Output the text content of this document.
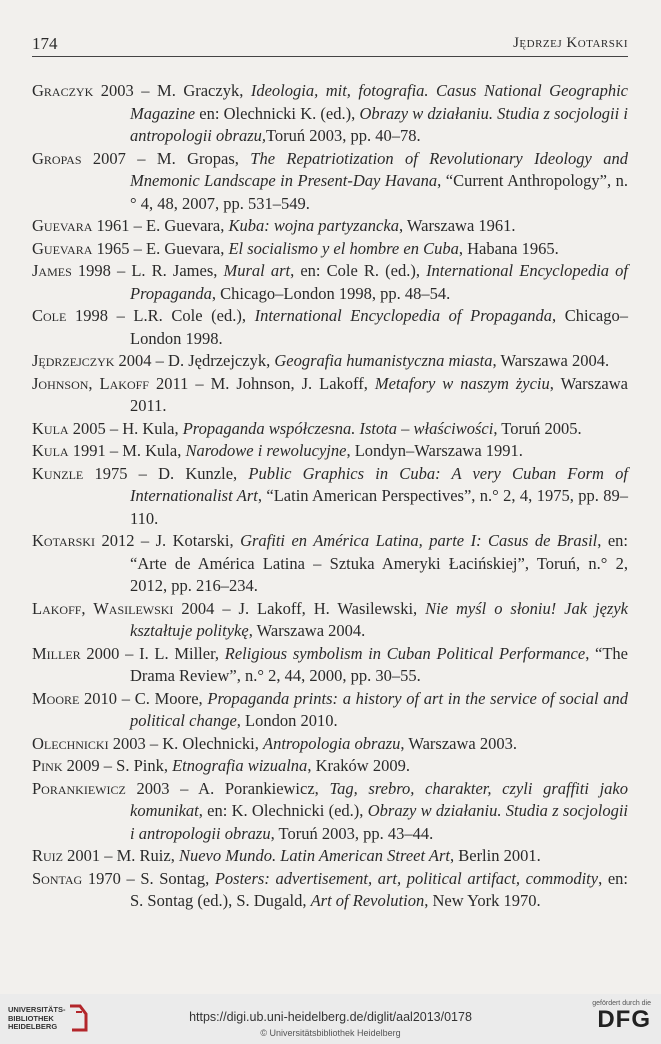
174	Jędrzej Kotarski

Graczyk 2003 – M. Graczyk, Ideologia, mit, fotografia. Casus National Geographic Magazine en: Olechnicki K. (ed.), Obrazy w działaniu. Studia z socjologii i antropologii obrazu,Toruń 2003, pp. 40–78.

Gropas 2007 – M. Gropas, The Repatriotization of Revolutionary Ideology and Mnemonic Landscape in Present-Day Havana, “Current Anthropology”, n.° 4, 48, 2007, pp. 531–549.

Guevara 1961 – E. Guevara, Kuba: wojna partyzancka, Warszawa 1961.

Guevara 1965 – E. Guevara, El socialismo y el hombre en Cuba, Habana 1965.

James 1998 – L. R. James, Mural art, en: Cole R. (ed.), International Encyclopedia of Propaganda, Chicago–London 1998, pp. 48–54.

Cole 1998 – L.R. Cole (ed.), International Encyclopedia of Propaganda, Chicago–London 1998.

Jędrzejczyk 2004 – D. Jędrzejczyk, Geografia humanistyczna miasta, Warszawa 2004.

Johnson, Lakoff 2011 – M. Johnson, J. Lakoff, Metafory w naszym życiu, Warszawa 2011.

Kula 2005 – H. Kula, Propaganda współczesna. Istota – właściwości, Toruń 2005.

Kula 1991 – M. Kula, Narodowe i rewolucyjne, Londyn–Warszawa 1991.

Kunzle 1975 – D. Kunzle, Public Graphics in Cuba: A very Cuban Form of Internationalist Art, “Latin American Perspectives”, n.° 2, 4, 1975, pp. 89–110.

Kotarski 2012 – J. Kotarski, Grafiti en América Latina, parte I: Casus de Brasil, en: “Arte de América Latina – Sztuka Ameryki Łacińskiej”, Toruń, n.° 2, 2012, pp. 216–234.

Lakoff, Wasilewski 2004 – J. Lakoff, H. Wasilewski, Nie myśl o słoniu! Jak język kształtuje politykę, Warszawa 2004.

Miller 2000 – I. L. Miller, Religious symbolism in Cuban Political Performance, “The Drama Review”, n.° 2, 44, 2000, pp. 30–55.

Moore 2010 – C. Moore, Propaganda prints: a history of art in the service of social and political change, London 2010.

Olechnicki 2003 – K. Olechnicki, Antropologia obrazu, Warszawa 2003.

Pink 2009 – S. Pink, Etnografia wizualna, Kraków 2009.

Porankiewicz 2003 – A. Porankiewicz, Tag, srebro, charakter, czyli graffiti jako komunikat, en: K. Olechnicki (ed.), Obrazy w działaniu. Studia z socjologii i antropologii obrazu, Toruń 2003, pp. 43–44.

Ruiz 2001 – M. Ruiz, Nuevo Mundo. Latin American Street Art, Berlin 2001.

Sontag 1970 – S. Sontag, Posters: advertisement, art, political artifact, commodity, en: S. Sontag (ed.), S. Dugald, Art of Revolution, New York 1970.

UNIVERSITÄTS-
BIBLIOTHEK
HEIDELBERG
https://digi.ub.uni-heidelberg.de/diglit/aal2013/0178
© Universitätsbibliothek Heidelberg
gefördert durch die
DFG
